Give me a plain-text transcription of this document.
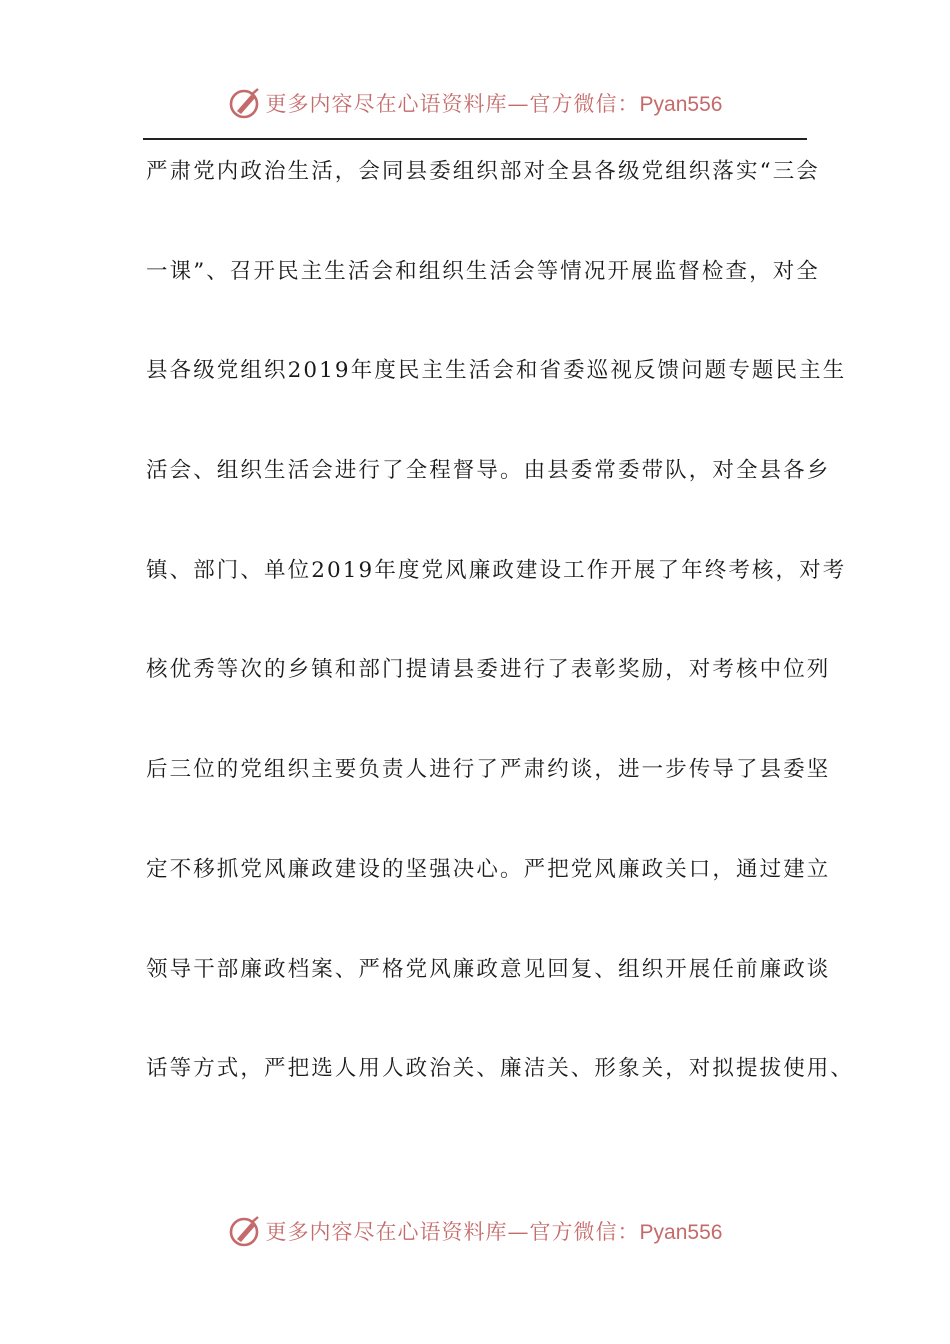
更多内容尽在心语资料库—官方微信：Pyan556
严肃党内政治生活，会同县委组织部对全县各级党组织落实“三会
一课”、召开民主生活会和组织生活会等情况开展监督检查，对全
县各级党组织2019年度民主生活会和省委巡视反馈问题专题民主生
活会、组织生活会进行了全程督导。由县委常委带队，对全县各乡
镇、部门、单位2019年度党风廉政建设工作开展了年终考核，对考
核优秀等次的乡镇和部门提请县委进行了表彰奖励，对考核中位列
后三位的党组织主要负责人进行了严肃约谈，进一步传导了县委坚
定不移抓党风廉政建设的坚强决心。严把党风廉政关口，通过建立
领导干部廉政档案、严格党风廉政意见回复、组织开展任前廉政谈
话等方式，严把选人用人政治关、廉洁关、形象关，对拟提拔使用、
更多内容尽在心语资料库—官方微信：Pyan556
